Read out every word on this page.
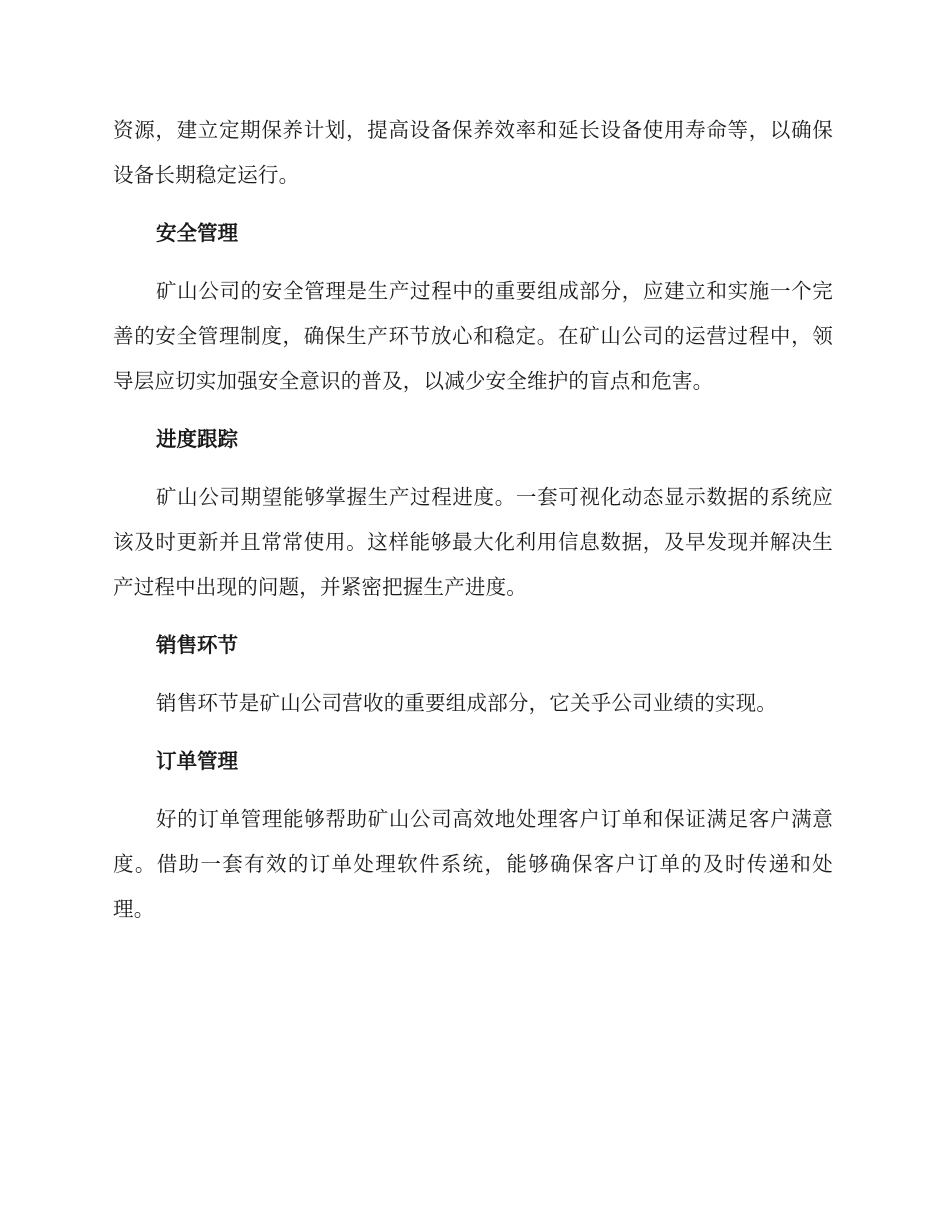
资源，建立定期保养计划，提高设备保养效率和延长设备使用寿命等，以确保设备长期稳定运行。

安全管理

矿山公司的安全管理是生产过程中的重要组成部分，应建立和实施一个完善的安全管理制度，确保生产环节放心和稳定。在矿山公司的运营过程中，领导层应切实加强安全意识的普及，以减少安全维护的盲点和危害。

进度跟踪

矿山公司期望能够掌握生产过程进度。一套可视化动态显示数据的系统应该及时更新并且常常使用。这样能够最大化利用信息数据，及早发现并解决生产过程中出现的问题，并紧密把握生产进度。

销售环节

销售环节是矿山公司营收的重要组成部分，它关乎公司业绩的实现。

订单管理

好的订单管理能够帮助矿山公司高效地处理客户订单和保证满足客户满意度。借助一套有效的订单处理软件系统，能够确保客户订单的及时传递和处理。
